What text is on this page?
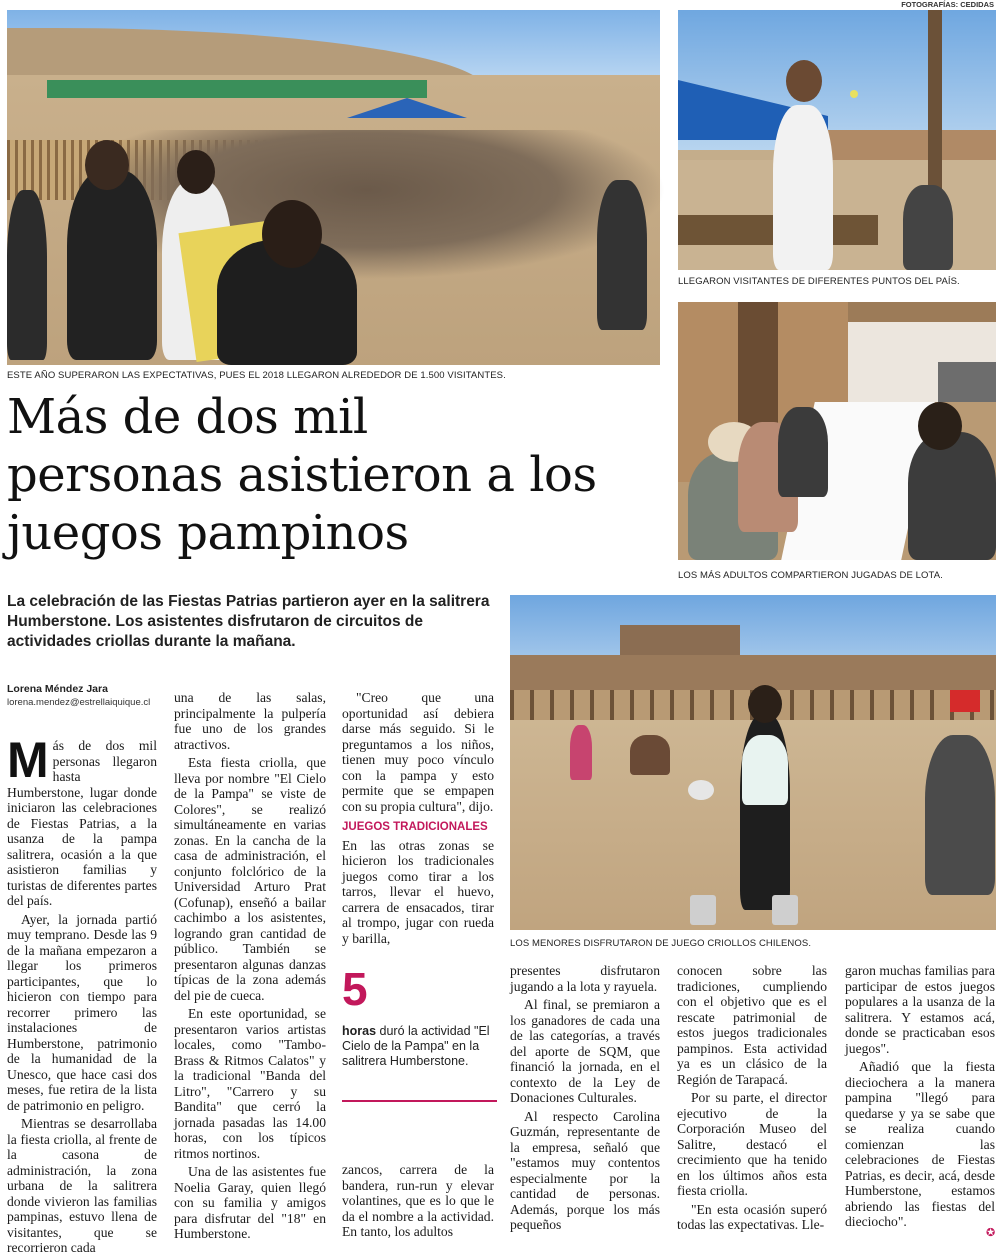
FOTOGRAFÍAS: CEDIDAS
ESTE AÑO SUPERARON LAS EXPECTATIVAS, PUES EL 2018 LLEGARON ALREDEDOR DE 1.500 VISITANTES.
LLEGARON VISITANTES DE DIFERENTES PUNTOS DEL PAÍS.
LOS MÁS ADULTOS COMPARTIERON JUGADAS DE LOTA.
LOS MENORES DISFRUTARON DE JUEGO CRIOLLOS CHILENOS.
Más de dos mil personas asistieron a los juegos pampinos
La celebración de las Fiestas Patrias partieron ayer en la salitrera Humberstone. Los asistentes disfrutaron de circuitos de actividades criollas durante la mañana.
Lorena Méndez Jara
lorena.mendez@estrellaiquique.cl

Más de dos mil personas llegaron hasta Humberstone, lugar donde iniciaron las celebraciones de Fiestas Patrias, a la usanza de la pampa salitrera, ocasión a la que asistieron familias y turistas de diferentes partes del país.

Ayer, la jornada partió muy temprano. Desde las 9 de la mañana empezaron a llegar los primeros participantes, que lo hicieron con tiempo para recorrer primero las instalaciones de Humberstone, patrimonio de la humanidad de la Unesco, que hace casi dos meses, fue retira de la lista de patrimonio en peligro.

Mientras se desarrollaba la fiesta criolla, al frente de la casona de administración, la zona urbana de la salitrera donde vivieron las familias pampinas, estuvo llena de visitantes, que se recorrieron cada

una de las salas, principalmente la pulpería fue uno de los grandes atractivos.

Esta fiesta criolla, que lleva por nombre "El Cielo de la Pampa" se viste de Colores", se realizó simultáneamente en varias zonas. En la cancha de la casa de administración, el conjunto folclórico de la Universidad Arturo Prat (Cofunap), enseñó a bailar cachimbo a los asistentes, logrando gran cantidad de público. También se presentaron algunas danzas típicas de la zona además del pie de cueca.

En este oportunidad, se presentaron varios artistas locales, como "Tambo-Brass & Ritmos Calatos" y la tradicional "Banda del Litro", "Carrero y su Bandita" que cerró la jornada pasadas las 14.00 horas, con los típicos ritmos nortinos.

Una de las asistentes fue Noelia Garay, quien llegó con su familia y amigos para disfrutar del "18" en Humberstone.

"Creo que una oportunidad así debiera darse más seguido. Si le preguntamos a los niños, tienen muy poco vínculo con la pampa y esto permite que se empapen con su propia cultura", dijo.

JUEGOS TRADICIONALES

En las otras zonas se hicieron los tradicionales juegos como tirar a los tarros, llevar el huevo, carrera de ensacados, tirar al trompo, jugar con rueda y barilla,

5
horas duró la actividad "El Cielo de la Pampa" en la salitrera Humberstone.

zancos, carrera de la bandera, run-run y elevar volantines, que es lo que le da el nombre a la actividad. En tanto, los adultos

presentes disfrutaron jugando a la lota y rayuela.

Al final, se premiaron a los ganadores de cada una de las categorías, a través del aporte de SQM, que financió la jornada, en el contexto de la Ley de Donaciones Culturales.

Al respecto Carolina Guzmán, representante de la empresa, señaló que "estamos muy contentos especialmente por la cantidad de personas. Además, porque los más pequeños

conocen sobre las tradiciones, cumpliendo con el objetivo que es el rescate patrimonial de estos juegos tradicionales pampinos. Esta actividad ya es un clásico de la Región de Tarapacá.

Por su parte, el director ejecutivo de la Corporación Museo del Salitre, destacó el crecimiento que ha tenido en los últimos años esta fiesta criolla.

"En esta ocasión superó todas las expectativas. Lle-

garon muchas familias para participar de estos juegos populares a la usanza de la salitrera. Y estamos acá, donde se practicaban esos juegos".

Añadió que la fiesta dieciochera a la manera pampina "llegó para quedarse y ya se sabe que se realiza cuando comienzan las celebraciones de Fiestas Patrias, es decir, acá, desde Humberstone, estamos abriendo las fiestas del dieciocho".

✪
